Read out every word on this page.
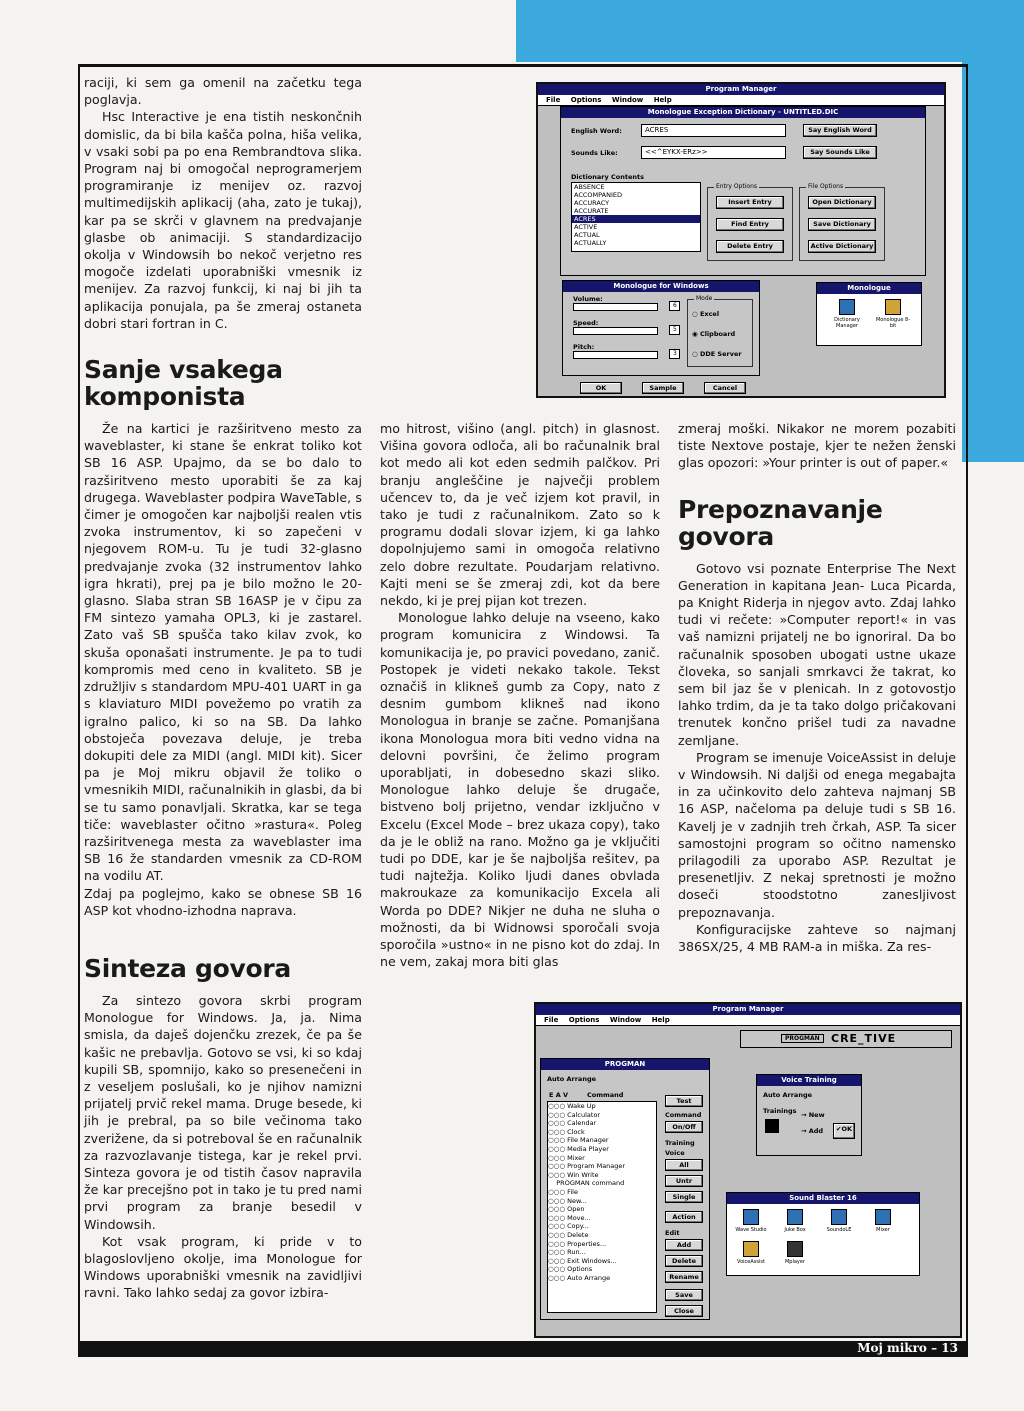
raciji, ki sem ga omenil na začetku tega poglavja.

Hsc Interactive je ena tistih neskončnih domislic, da bi bila kašča polna, hiša velika, v vsaki sobi pa po ena Rembrandtova slika. Program naj bi omogočal neprogramerjem programiranje iz menijev oz. razvoj multimedijskih aplikacij (aha, zato je tukaj), kar pa se skrči v glavnem na predvajanje glasbe ob animaciji. S standardizacijo okolja v Windowsih bo nekoč verjetno res mogoče izdelati uporabniški vmesnik iz menijev. Za razvoj funkcij, ki naj bi jih ta aplikacija ponujala, pa še zmeraj ostaneta dobri stari fortran in C.

Sanje vsakega komponista

Že na kartici je razširitveno mesto za waveblaster, ki stane še enkrat toliko kot SB 16 ASP. Upajmo, da se bo dalo to razširitveno mesto uporabiti še za kaj drugega. Waveblaster podpira WaveTable, s čimer je omogočen kar najboljši realen vtis zvoka instrumentov, ki so zapečeni v njegovem ROM-u. Tu je tudi 32-glasno predvajanje zvoka (32 instrumentov lahko igra hkrati), prej pa je bilo možno le 20-glasno. Slaba stran SB 16ASP je v čipu za FM sintezo yamaha OPL3, ki je zastarel. Zato vaš SB spušča tako kilav zvok, ko skuša oponašati instrumente. Je pa to tudi kompromis med ceno in kvaliteto. SB je združljiv s standardom MPU-401 UART in ga s klaviaturo MIDI povežemo po vratih za igralno palico, ki so na SB. Da lahko obstoječa povezava deluje, je treba dokupiti dele za MIDI (angl. MIDI kit). Sicer pa je Moj mikru objavil že toliko o vmesnikih MIDI, računalnikih in glasbi, da bi se tu samo ponavljali. Skratka, kar se tega tiče: waveblaster očitno »rastura«. Poleg razširitvenega mesta za waveblaster ima SB 16 že standarden vmesnik za CD-ROM na vodilu AT.

Zdaj pa poglejmo, kako se obnese SB 16 ASP kot vhodno-izhodna naprava.

Sinteza govora

Za sintezo govora skrbi program Monologue for Windows. Ja, ja. Nima smisla, da daješ dojenčku zrezek, če pa še kašic ne prebavlja. Gotovo se vsi, ki so kdaj kupili SB, spomnijo, kako so presenečeni in z veseljem poslušali, ko je njihov namizni prijatelj prvič rekel mama. Druge besede, ki jih je prebral, pa so bile večinoma tako zverižene, da si potreboval še en računalnik za razvozlavanje tistega, kar je rekel prvi. Sinteza govora je od tistih časov napravila že kar precejšno pot in tako je tu pred nami prvi program za branje besedil v Windowsih.

Kot vsak program, ki pride v to blagoslovljeno okolje, ima Monologue for Windows uporabniški vmesnik na zavidljivi ravni. Tako lahko sedaj za govor izbira-

mo hitrost, višino (angl. pitch) in glasnost. Višina govora odloča, ali bo računalnik bral kot medo ali kot eden sedmih palčkov. Pri branju angleščine je največji problem učencev to, da je več izjem kot pravil, in tako je tudi z računalnikom. Zato so k programu dodali slovar izjem, ki ga lahko dopolnjujemo sami in omogoča relativno zelo dobre rezultate. Poudarjam relativno. Kajti meni se še zmeraj zdi, kot da bere nekdo, ki je prej pijan kot trezen.

Monologue lahko deluje na vseeno, kako program komunicira z Windowsi. Ta komunikacija je, po pravici povedano, zanič. Postopek je videti nekako takole. Tekst označiš in klikneš gumb za Copy, nato z desnim gumbom klikneš nad ikono Monologua in branje se začne. Pomanjšana ikona Monologua mora biti vedno vidna na delovni površini, če želimo program uporabljati, in dobesedno skazi sliko. Monologue lahko deluje še drugače, bistveno bolj prijetno, vendar izključno v Excelu (Excel Mode – brez ukaza copy), tako da je le obliž na rano. Možno ga je vključiti tudi po DDE, kar je še najboljša rešitev, pa tudi najtežja. Koliko ljudi danes obvlada makroukaze za komunikacijo Excela ali Worda po DDE? Nikjer ne duha ne sluha o možnosti, da bi Widnowsi sporočali svoja sporočila »ustno« in ne pisno kot do zdaj. In ne vem, zakaj mora biti glas

zmeraj moški. Nikakor ne morem pozabiti tiste Nextove postaje, kjer te nežen ženski glas opozori: »Your printer is out of paper.«

Prepoznavanje govora

Gotovo vsi poznate Enterprise The Next Generation in kapitana Jean- Luca Picarda, pa Knight Riderja in njegov avto. Zdaj lahko tudi vi rečete: »Computer report!« in vas vaš namizni prijatelj ne bo ignoriral. Da bo računalnik sposoben ubogati ustne ukaze človeka, so sanjali smrkavci že takrat, ko sem bil jaz še v plenicah. In z gotovostjo lahko trdim, da je ta tako dolgo pričakovani trenutek končno prišel tudi za navadne zemljane.

Program se imenuje VoiceAssist in deluje v Windowsih. Ni daljši od enega megabajta in za učinkovito delo zahteva najmanj SB 16 ASP, načeloma pa deluje tudi s SB 16. Kavelj je v zadnjih treh črkah, ASP. Ta sicer samostojni program so očitno namensko prilagodili za uporabo ASP. Rezultat je presenetljiv. Z nekaj spretnosti je možno doseči stoodstotno zanesljivost prepoznavanja.

Konfiguracijske zahteve so najmanj 386SX/25, 4 MB RAM-a in miška. Za res-

Program Manager
File Options Window Help
Monologue Exception Dictionary - UNTITLED.DIC
English Word:	ACRES	Say English Word
Sounds Like:	<<^EYKX-ERz>>	Say Sounds Like
Dictionary Contents
ABSENCE
ACCOMPANIED
ACCURACY
ACCURATE
ACRES
ACTIVE
ACTUAL
ACTUALLY
Entry Options
Insert Entry
Find Entry
Delete Entry
File Options
Open Dictionary
Save Dictionary
Active Dictionary
Monologue for Windows
Volume:
6
Speed:
5
Pitch:
3
Mode
○ Excel
◉ Clipboard
○ DDE Server
OK	Sample	Cancel
Monologue

Dictionary Manager

Monologue 8-bit
Program Manager
File Options Window Help
PROGMAN	CRE_TIVE
PROGMAN
Auto Arrange
E A V	Command
○○○ Wake Up
○○○ Calculator
○○○ Calendar
○○○ Clock
○○○ File Manager
○○○ Media Player
○○○ Mixer
○○○ Program Manager
○○○ Win Write
PROGMAN command
○○○ File
○○○ New...
○○○ Open
○○○ Move...
○○○ Copy...
○○○ Delete
○○○ Properties...
○○○ Run...
○○○ Exit Windows...
○○○ Options
○○○ Auto Arrange
Test
Command
On/Off
Training
Voice
All
Untr
Single
Action
Edit
Add
Delete
Rename
Save
Close
Voice Training
Auto Arrange
Trainings → New
→ Add	✔OK
Sound Blaster 16

Wave Studio	Juke Box	SoundoLE	Mixer

VoiceAssist	Mplayer
Moj mikro – 13
